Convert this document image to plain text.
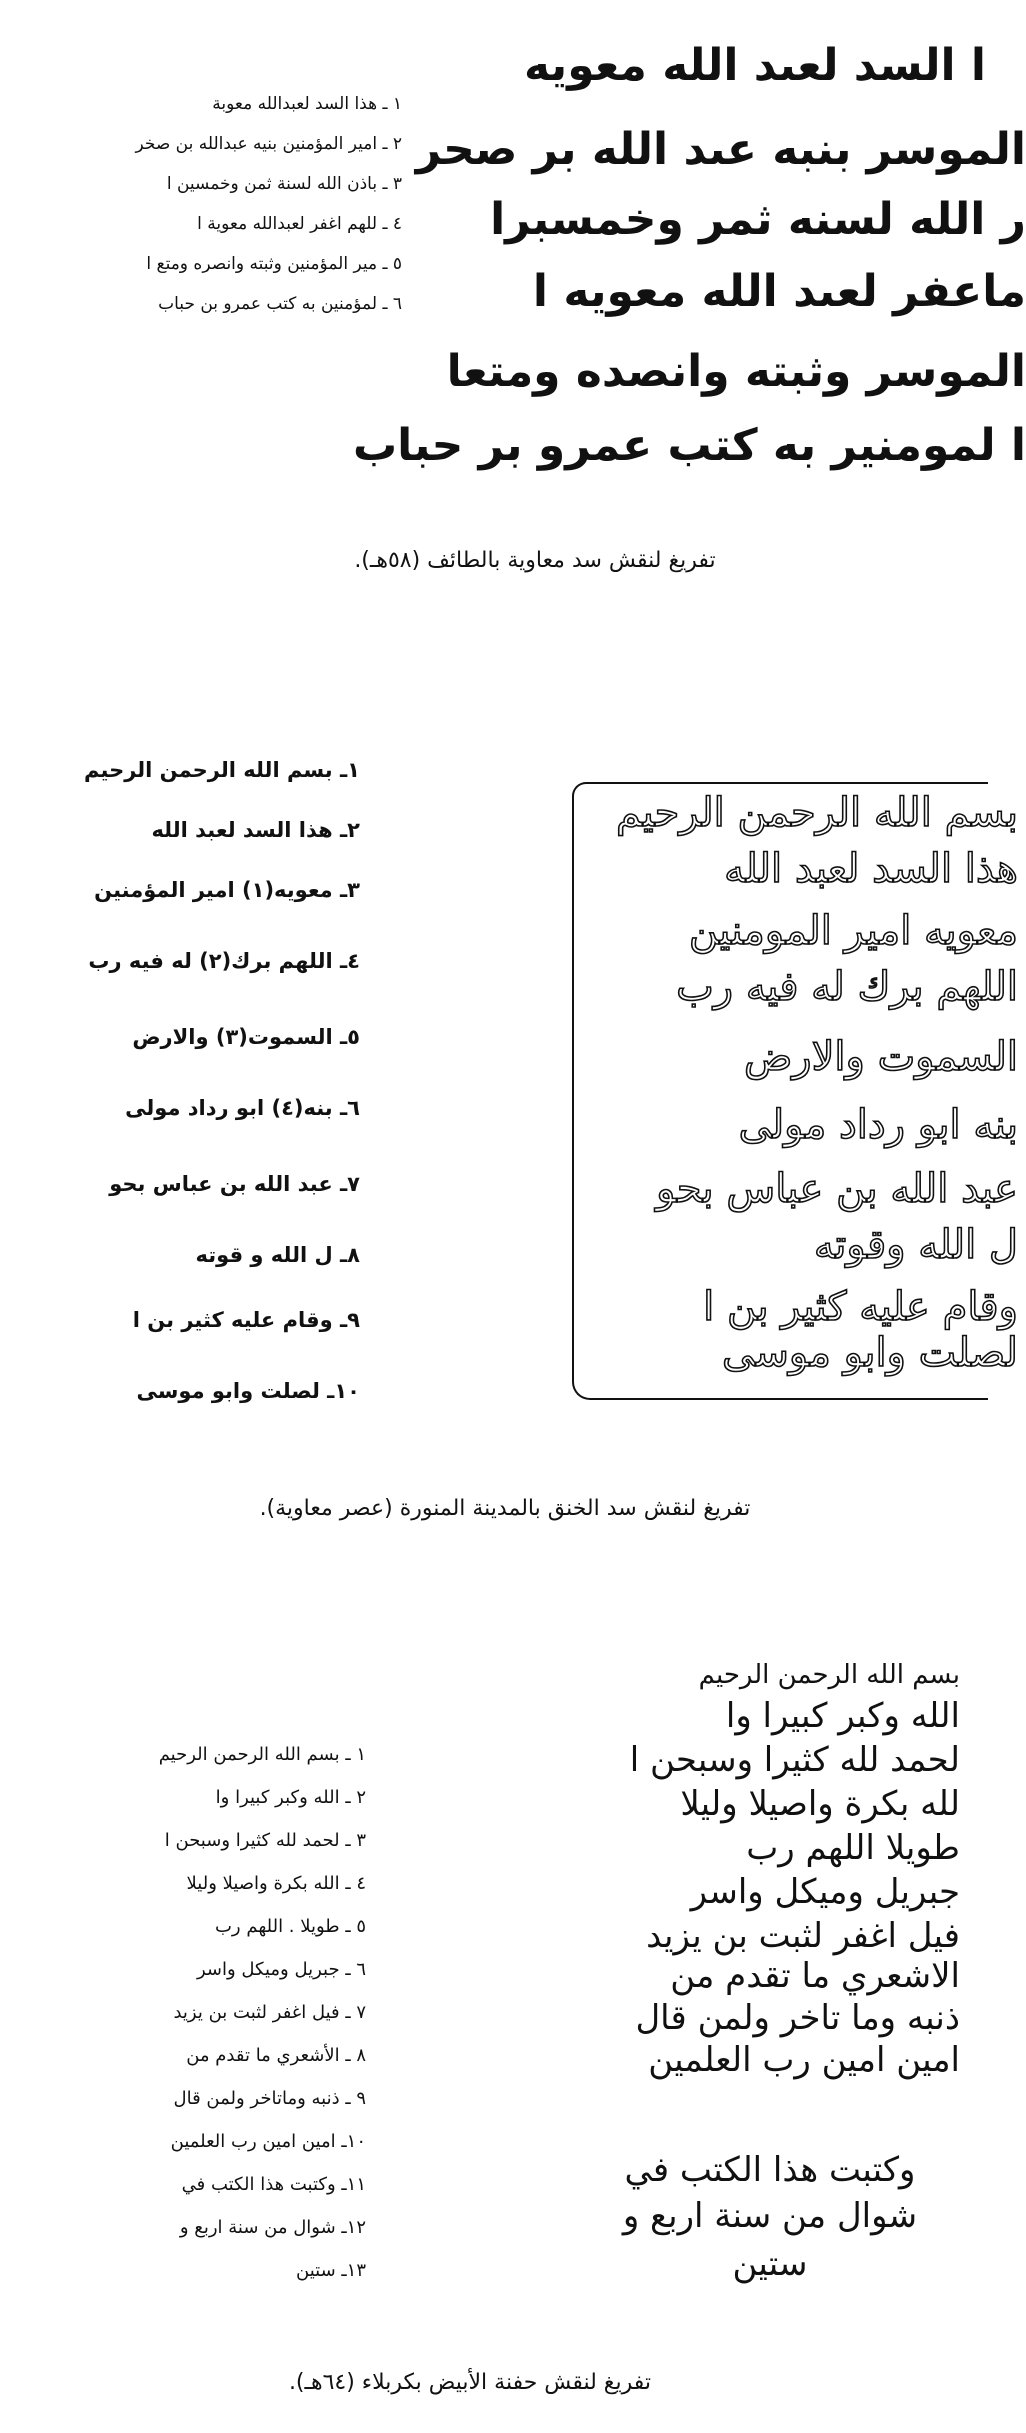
ا السد لعىد الله معويه
الموسر بنبه عىد الله بر صحر
ر الله لسنه ثمر وخمسبرا
ماعفر لعىد الله معويه ا
الموسر وثبته وانصده ومتعا
ا لمومنير به كتب عمرو بر حباب
١ ـ هذا السد لعبدالله معوبة
٢ ـ امير المؤمنين بنيه عبدالله بن صخر
٣ ـ باذن الله لسنة ثمن وخمسين ا
٤ ـ للهم اغفر لعبدالله معوية ا
٥ ـ مير المؤمنين وثبته وانصره ومتع ا
٦ ـ لمؤمنين به كتب عمرو بن حباب
تفريغ لنقش سد معاوية بالطائف (٥٨هـ).
بسم الله الرحمن الرحيم
هذا السد لعبد الله
معويه امير المومنين
اللهم برك له فيه رب
السموت والارض
بنه ابو رداد مولى
عبد الله بن عباس بحو
ل الله وقوته
وقام عليه كثير بن ا
لصلت وابو موسى
١ـ بسم الله الرحمن الرحيم
٢ـ هذا السد لعبد الله
٣ـ معويه(١) امير المؤمنين
٤ـ اللهم برك(٢) له فيه رب
٥ـ السموت(٣) والارض
٦ـ بنه(٤) ابو رداد مولى
٧ـ عبد الله بن عباس بحو
٨ـ ل الله و قوته
٩ـ وقام عليه كثير بن ا
١٠ـ لصلت وابو موسى
تفريغ لنقش سد الخنق بالمدينة المنورة (عصر معاوية).
بسم الله الرحمن الرحيم
الله وكبر كبيرا وا
لحمد لله كثيرا وسبحن ا
لله بكرة واصيلا وليلا
طويلا اللهم رب
جبريل وميكل واسر
فيل اغفر لثبت بن يزيد
الاشعري ما تقدم من
ذنبه وما تاخر ولمن قال
امين امين رب العلمين
وكتبت هذا الكتب في
شوال من سنة اربع و
ستين
١ ـ بسم الله الرحمن الرحيم
٢ ـ الله وكبر كبيرا وا
٣ ـ لحمد لله كثيرا وسبحن ا
٤ ـ الله بكرة واصيلا وليلا
٥ ـ طويلا . اللهم رب
٦ ـ جبريل وميكل واسر
٧ ـ فيل اغفر لثبت بن يزيد
٨ ـ الأشعري ما تقدم من
٩ ـ ذنبه وماتاخر ولمن قال
١٠ـ امين امين رب العلمين
١١ـ وكتبت هذا الكتب في
١٢ـ شوال من سنة اربع و
١٣ـ ستين
تفريغ لنقش حفنة الأبيض بكربلاء (٦٤هـ).
